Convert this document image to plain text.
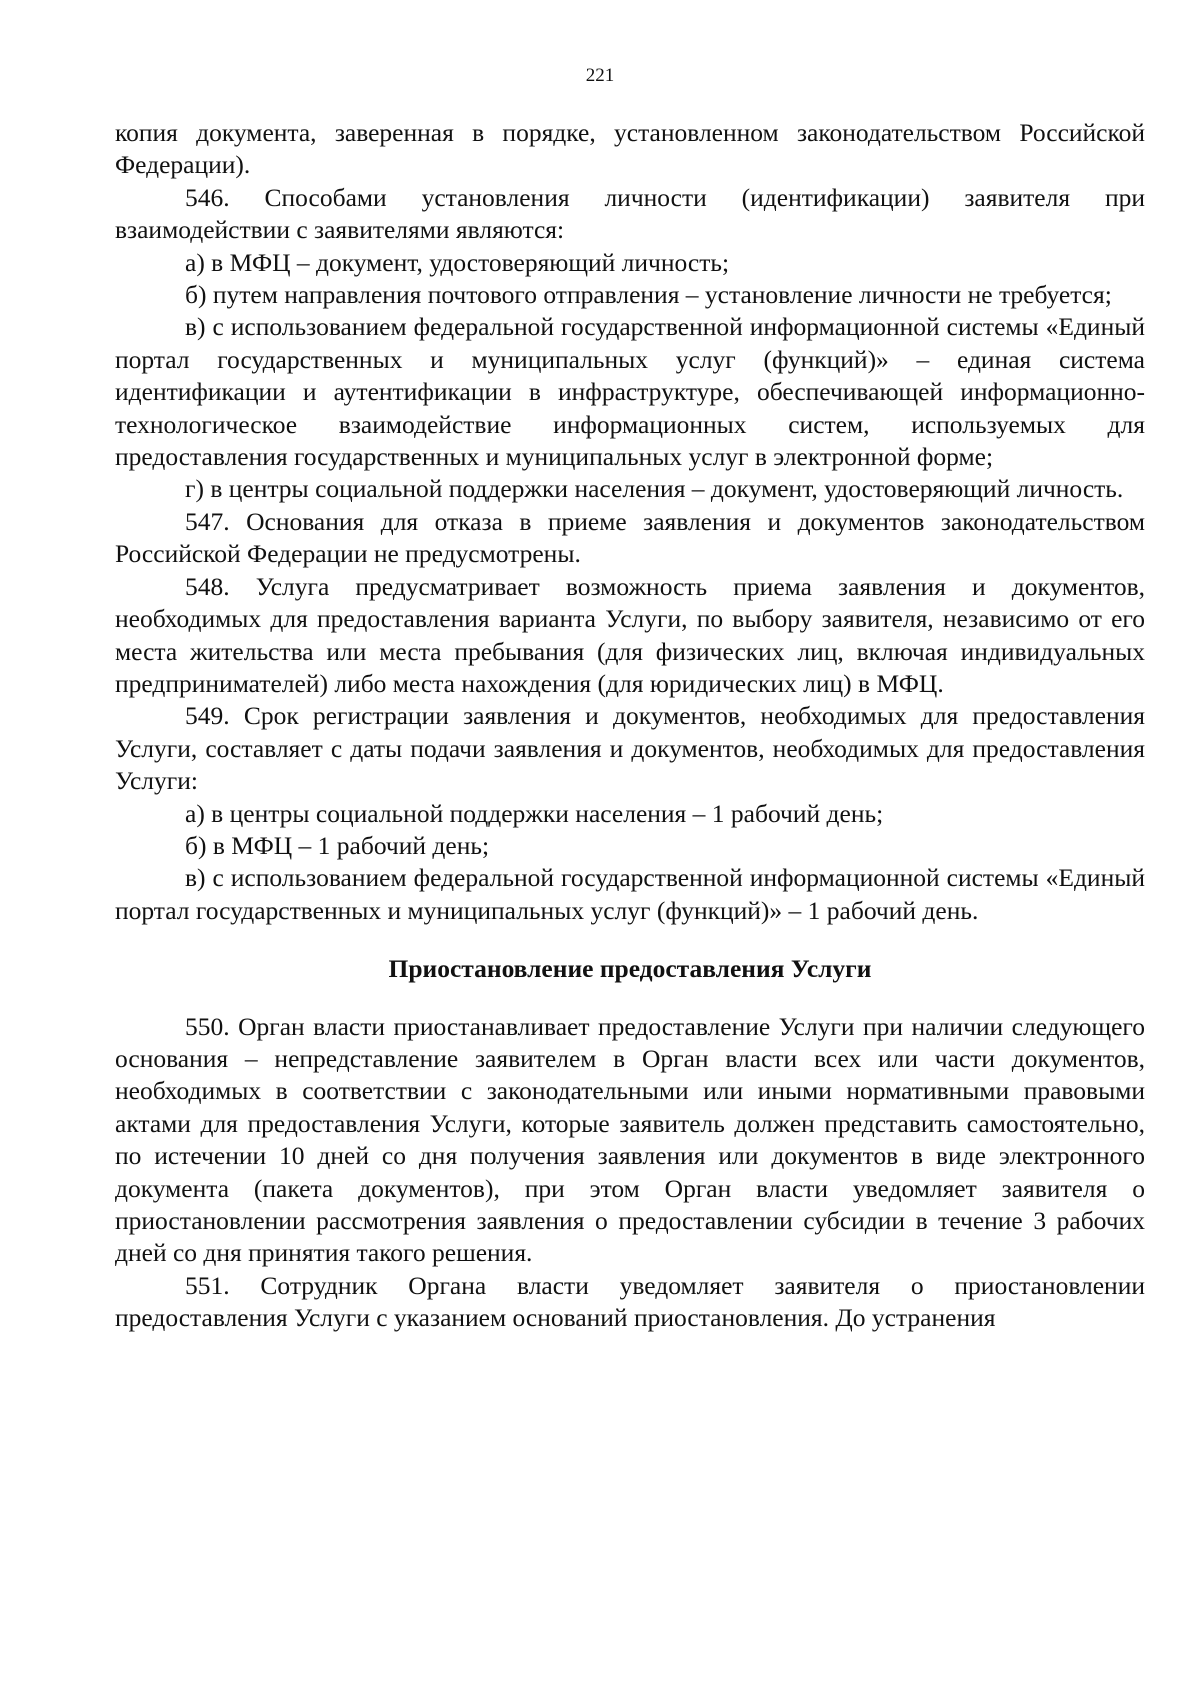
221

копия документа, заверенная в порядке, установленном законодательством Российской Федерации).

546. Способами установления личности (идентификации) заявителя при взаимодействии с заявителями являются:

а) в МФЦ – документ, удостоверяющий личность;

б) путем направления почтового отправления – установление личности не требуется;

в) с использованием федеральной государственной информационной системы «Единый портал государственных и муниципальных услуг (функций)» – единая система идентификации и аутентификации в инфраструктуре, обеспечивающей информационно-технологическое взаимодействие информационных систем, используемых для предоставления государственных и муниципальных услуг в электронной форме;

г) в центры социальной поддержки населения – документ, удостоверяющий личность.

547. Основания для отказа в приеме заявления и документов законодательством Российской Федерации не предусмотрены.

548. Услуга предусматривает возможность приема заявления и документов, необходимых для предоставления варианта Услуги, по выбору заявителя, независимо от его места жительства или места пребывания (для физических лиц, включая индивидуальных предпринимателей) либо места нахождения (для юридических лиц) в МФЦ.

549. Срок регистрации заявления и документов, необходимых для предоставления Услуги, составляет с даты подачи заявления и документов, необходимых для предоставления Услуги:

а) в центры социальной поддержки населения – 1 рабочий день;

б) в МФЦ – 1 рабочий день;

в) с использованием федеральной государственной информационной системы «Единый портал государственных и муниципальных услуг (функций)» – 1 рабочий день.

Приостановление предоставления Услуги

550. Орган власти приостанавливает предоставление Услуги при наличии следующего основания – непредставление заявителем в Орган власти всех или части документов, необходимых в соответствии с законодательными или иными нормативными правовыми актами для предоставления Услуги, которые заявитель должен представить самостоятельно, по истечении 10 дней со дня получения заявления или документов в виде электронного документа (пакета документов), при этом Орган власти уведомляет заявителя о приостановлении рассмотрения заявления о предоставлении субсидии в течение 3 рабочих дней со дня принятия такого решения.

551. Сотрудник Органа власти уведомляет заявителя о приостановлении предоставления Услуги с указанием оснований приостановления. До устранения
